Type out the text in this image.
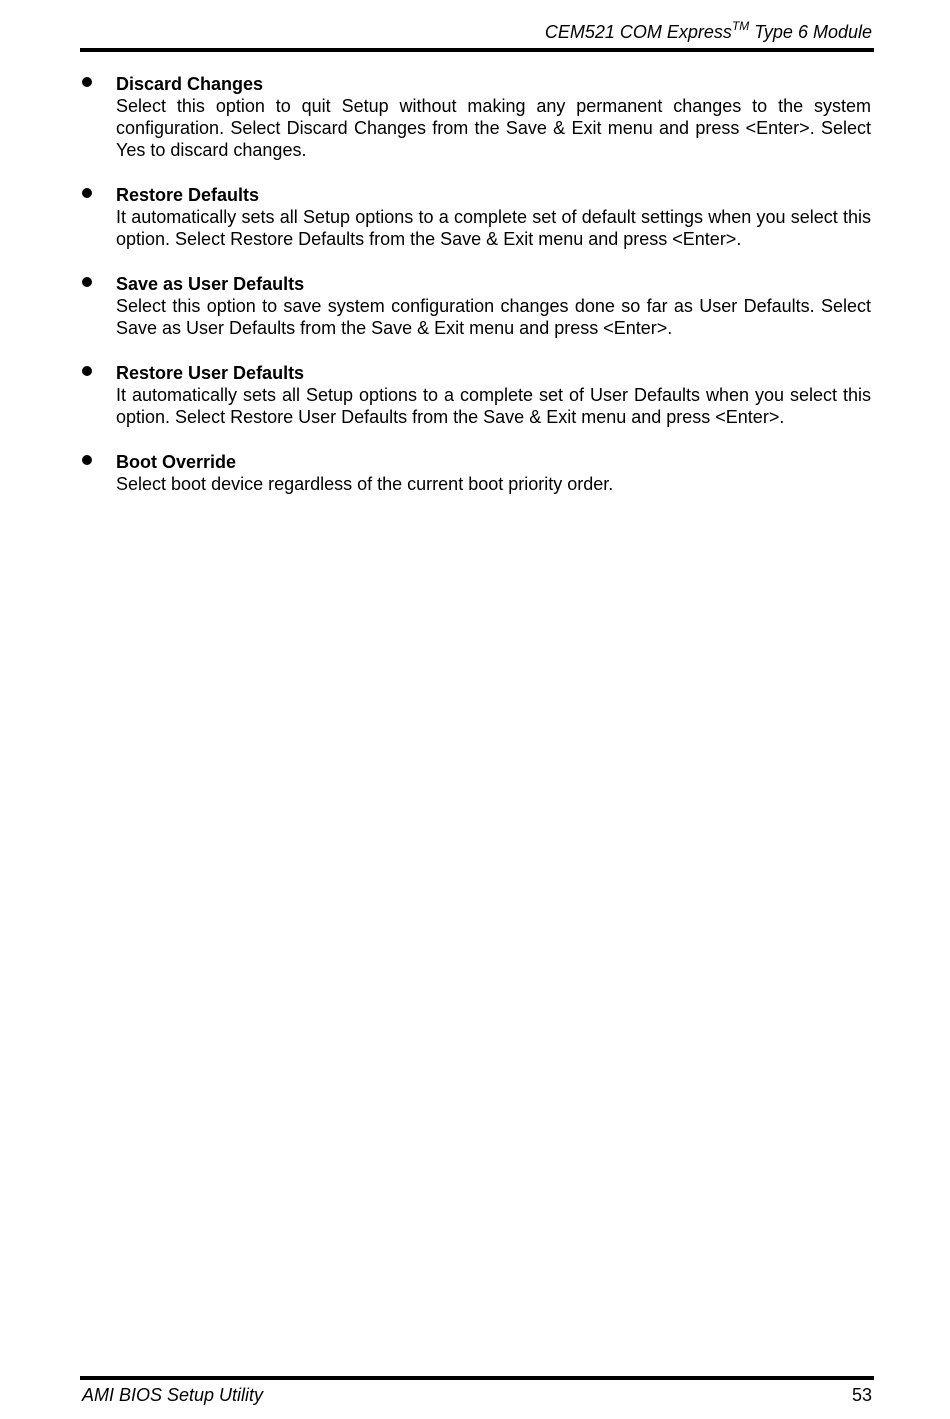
CEM521 COM Express™ Type 6 Module
Discard Changes
Select this option to quit Setup without making any permanent changes to the system configuration. Select Discard Changes from the Save & Exit menu and press <Enter>. Select Yes to discard changes.
Restore Defaults
It automatically sets all Setup options to a complete set of default settings when you select this option. Select Restore Defaults from the Save & Exit menu and press <Enter>.
Save as User Defaults
Select this option to save system configuration changes done so far as User Defaults. Select Save as User Defaults from the Save & Exit menu and press <Enter>.
Restore User Defaults
It automatically sets all Setup options to a complete set of User Defaults when you select this option. Select Restore User Defaults from the Save & Exit menu and press <Enter>.
Boot Override
Select boot device regardless of the current boot priority order.
AMI BIOS Setup Utility	53
